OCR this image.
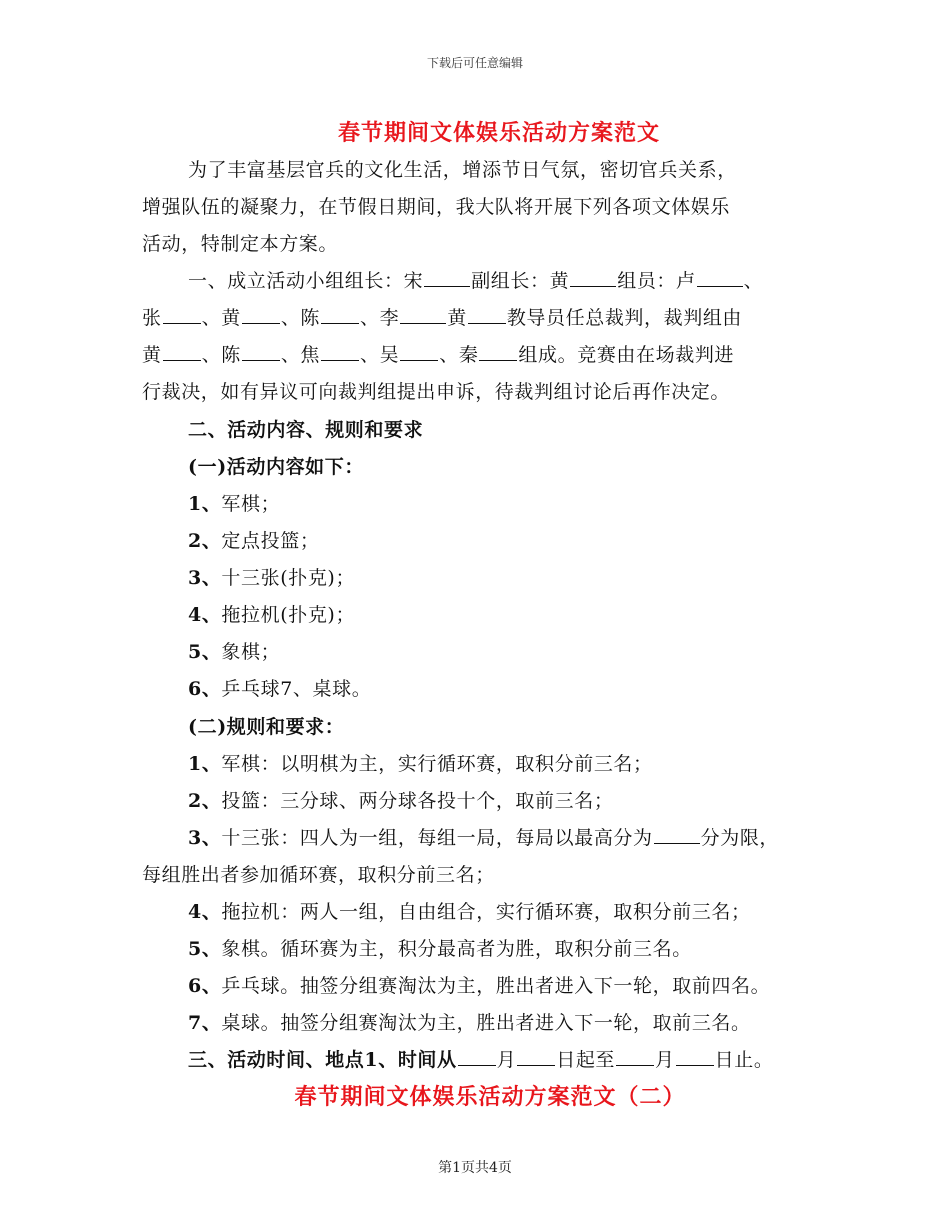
下载后可任意编辑
春节期间文体娱乐活动方案范文
为了丰富基层官兵的文化生活，增添节日气氛，密切官兵关系，
增强队伍的凝聚力，在节假日期间，我大队将开展下列各项文体娱乐
活动，特制定本方案。
一、成立活动小组组长：宋	副组长：黄	组员：卢	、
张 、黄 、陈 、李	黄 教导员任总裁判，裁判组由
黄 、陈 、焦 、吴 、秦 组成。竞赛由在场裁判进
行裁决，如有异议可向裁判组提出申诉，待裁判组讨论后再作决定。
二、活动内容、规则和要求
(一)活动内容如下：
1、军棋；
2、定点投篮；
3、十三张(扑克)；
4、拖拉机(扑克)；
5、象棋；
6、乒乓球7、桌球。
(二)规则和要求：
1、军棋：以明棋为主，实行循环赛，取积分前三名；
2、投篮：三分球、两分球各投十个，取前三名；
3、十三张：四人为一组，每组一局，每局以最高分为	分为限，
每组胜出者参加循环赛，取积分前三名；
4、拖拉机：两人一组，自由组合，实行循环赛，取积分前三名；
5、象棋。循环赛为主，积分最高者为胜，取积分前三名。
6、乒乓球。抽签分组赛淘汰为主，胜出者进入下一轮，取前四名。
7、桌球。抽签分组赛淘汰为主，胜出者进入下一轮，取前三名。
三、活动时间、地点1、时间从 月 日起至 月 日止。
春节期间文体娱乐活动方案范文（二）
第1页共4页
